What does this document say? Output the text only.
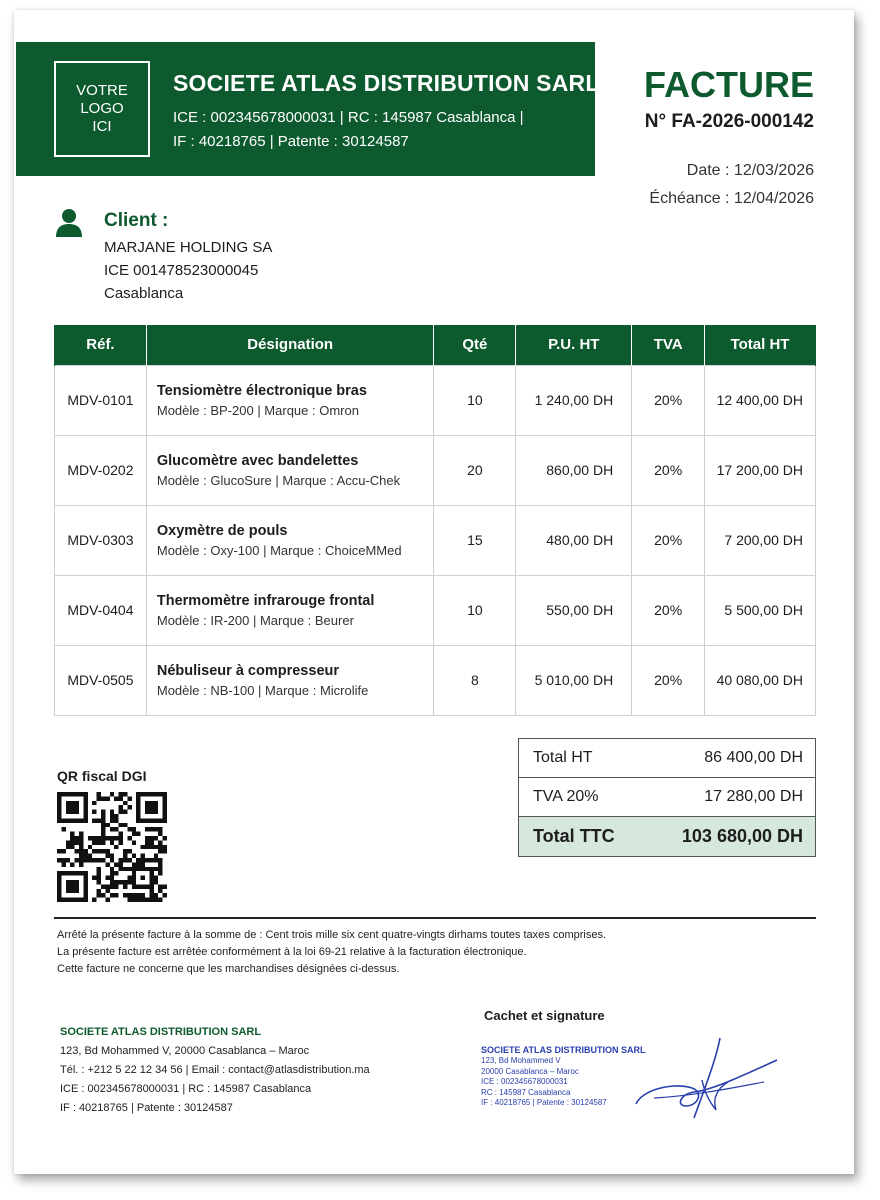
VOTRE
LOGO
ICI
SOCIETE ATLAS DISTRIBUTION SARL
ICE : 002345678000031 | RC : 145987 Casablanca |
IF : 40218765 | Patente : 30124587
FACTURE
N° FA-2026-000142
Date : 12/03/2026
Échéance : 12/04/2026
Client :
MARJANE HOLDING SA
ICE 001478523000045
Casablanca
Réf.	Désignation	Qté	P.U. HT	TVA	Total HT
MDV-0101	Tensiomètre électronique bras
Modèle : BP-200 | Marque : Omron	10	1 240,00 DH	20%	12 400,00 DH
MDV-0202	Glucomètre avec bandelettes
Modèle : GlucoSure | Marque : Accu-Chek	20	860,00 DH	20%	17 200,00 DH
MDV-0303	Oxymètre de pouls
Modèle : Oxy-100 | Marque : ChoiceMMed	15	480,00 DH	20%	7 200,00 DH
MDV-0404	Thermomètre infrarouge frontal
Modèle : IR-200 | Marque : Beurer	10	550,00 DH	20%	5 500,00 DH
MDV-0505	Nébuliseur à compresseur
Modèle : NB-100 | Marque : Microlife	8	5 010,00 DH	20%	40 080,00 DH
Total HT	86 400,00 DH
TVA 20%	17 280,00 DH
Total TTC	103 680,00 DH
QR fiscal DGI
Arrêté la présente facture à la somme de : Cent trois mille six cent quatre-vingts dirhams toutes taxes comprises.
La présente facture est arrêtée conformément à la loi 69-21 relative à la facturation électronique.
Cette facture ne concerne que les marchandises désignées ci-dessus.
SOCIETE ATLAS DISTRIBUTION SARL
123, Bd Mohammed V, 20000 Casablanca – Maroc
Tél. : +212 5 22 12 34 56 | Email : contact@atlasdistribution.ma
ICE : 002345678000031 | RC : 145987 Casablanca
IF : 40218765 | Patente : 30124587
Cachet et signature
SOCIETE ATLAS DISTRIBUTION SARL
123, Bd Mohammed V
20000 Casablanca – Maroc
ICE : 002345678000031
RC : 145987 Casablanca
IF : 40218765 | Patente : 30124587
